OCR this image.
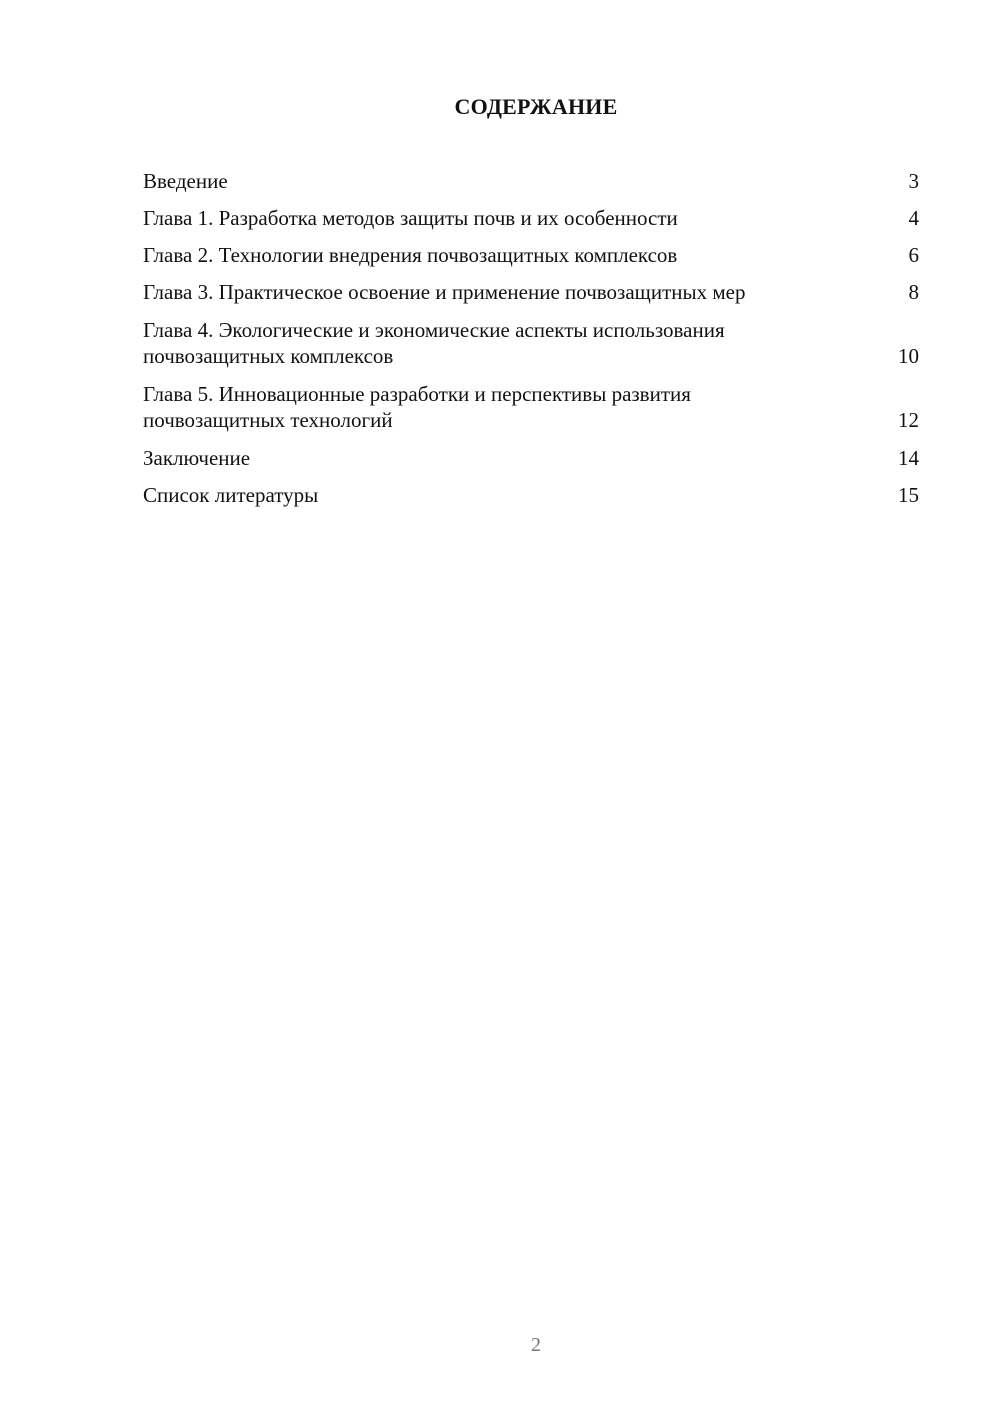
СОДЕРЖАНИЕ
Введение	3
Глава 1. Разработка методов защиты почв и их особенности	4
Глава 2. Технологии внедрения почвозащитных комплексов	6
Глава 3. Практическое освоение и применение почвозащитных мер	8
Глава 4. Экологические и экономические аспекты использования почвозащитных комплексов	10
Глава 5. Инновационные разработки и перспективы развития почвозащитных технологий	12
Заключение	14
Список литературы	15
2
